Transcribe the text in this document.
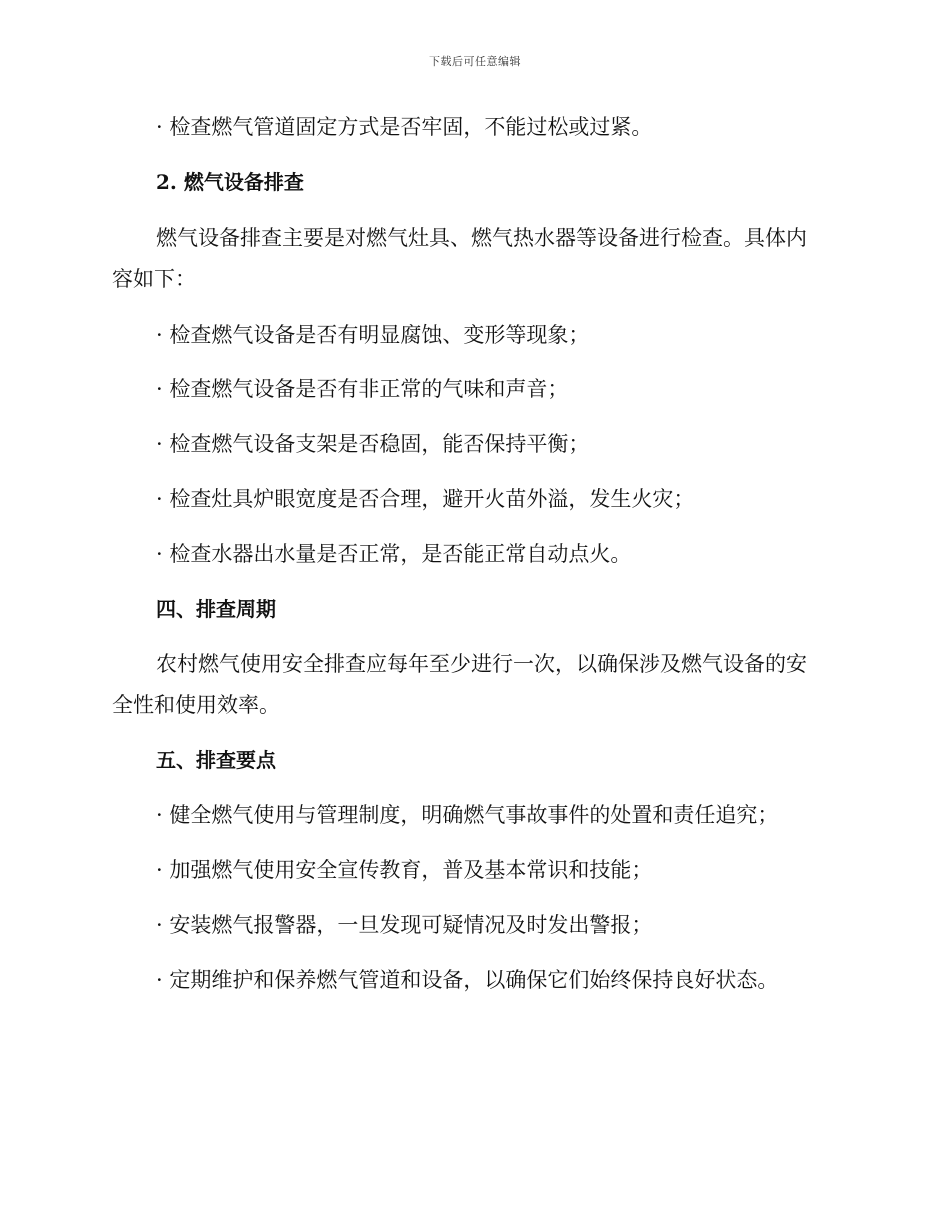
下载后可任意编辑
· 检查燃气管道固定方式是否牢固，不能过松或过紧。
2. 燃气设备排查
燃气设备排查主要是对燃气灶具、燃气热水器等设备进行检查。具体内
容如下：
· 检查燃气设备是否有明显腐蚀、变形等现象；
· 检查燃气设备是否有非正常的气味和声音；
· 检查燃气设备支架是否稳固，能否保持平衡；
· 检查灶具炉眼宽度是否合理，避开火苗外溢，发生火灾；
· 检查水器出水量是否正常，是否能正常自动点火。
四、排查周期
农村燃气使用安全排查应每年至少进行一次，以确保涉及燃气设备的安
全性和使用效率。
五、排查要点
· 健全燃气使用与管理制度，明确燃气事故事件的处置和责任追究；
· 加强燃气使用安全宣传教育，普及基本常识和技能；
· 安装燃气报警器，一旦发现可疑情况及时发出警报；
· 定期维护和保养燃气管道和设备，以确保它们始终保持良好状态。
